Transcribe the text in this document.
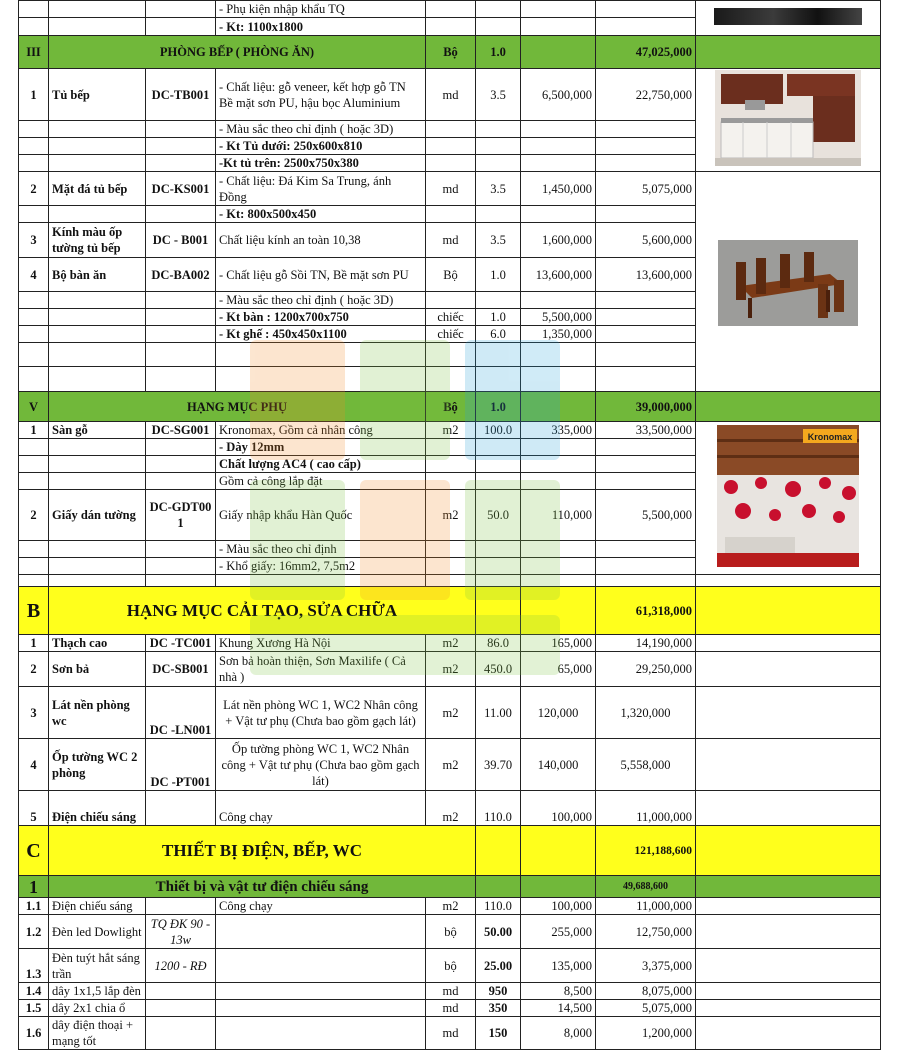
			- Phụ kiện nhập khẩu TQ					
			- Kt: 1100x1800					
III	PHÒNG BẾP ( PHÒNG ĂN)			Bộ	1.0		47,025,000	
1	Tủ bếp	DC-TB001	- Chất liệu: gỗ veneer, kết hợp gỗ TN Bề mặt sơn PU, hậu bọc Aluminium	md	3.5	6,500,000	22,750,000	
			- Màu sắc theo chỉ định ( hoặc 3D)					
			- Kt Tủ dưới: 250x600x810					
			-Kt tủ trên: 2500x750x380					
2	Mặt đá tủ bếp	DC-KS001	- Chất liệu: Đá Kim Sa Trung, ánh Đồng	md	3.5	1,450,000	5,075,000	
			- Kt: 800x500x450					
3	Kính màu ốp tường tủ bếp	DC - B001	Chất liệu kính an toàn 10,38	md	3.5	1,600,000	5,600,000	
4	Bộ bàn ăn	DC-BA002	- Chất liệu gỗ Sồi TN, Bề mặt sơn PU	Bộ	1.0	13,600,000	13,600,000	
			- Màu sắc theo chỉ định ( hoặc 3D)					
			- Kt bàn : 1200x700x750	chiếc	1.0	5,500,000		
			- Kt ghế : 450x450x1100	chiếc	6.0	1,350,000		

V	HẠNG MỤC PHỤ			Bộ	1.0		39,000,000	
1	Sàn gỗ	DC-SG001	Kronomax, Gồm cả nhân công	m2	100.0	335,000	33,500,000	Kronomax

			- Dày 12mm					
			Chất lượng AC4 ( cao cấp)					
			Gồm cả công lắp đặt					
2	Giấy dán tường	DC-GDT001	Giấy nhập khẩu Hàn Quốc	m2	50.0	110,000	5,500,000	
			- Màu sắc theo chỉ định					
			- Khổ giấy: 16mm2, 7,5m2					

B	HẠNG MỤC CẢI TẠO, SỬA CHỮA						61,318,000	
1	Thạch cao	DC -TC001	Khung Xương Hà Nội	m2	86.0	165,000	14,190,000	
2	Sơn bả	DC-SB001	Sơn bả hoàn thiện, Sơn Maxilife ( Cả nhà )	m2	450.0	65,000	29,250,000	
3	Lát nền phòng wc	DC -LN001	Lát nền phòng WC 1, WC2 Nhân công + Vật tư phụ (Chưa bao gồm gạch lát)	m2	11.00	120,000	1,320,000	
4	Ốp tường WC 2 phòng	DC -PT001	Ốp tường phòng WC 1, WC2 Nhân công + Vật tư phụ (Chưa bao gồm gạch lát)	m2	39.70	140,000	5,558,000	
5	Điện chiếu sáng		Công chạy	m2	110.0	100,000	11,000,000	
C	THIẾT BỊ ĐIỆN, BẾP, WC						121,188,600	
1	Thiết bị và vật tư điện chiếu sáng						49,688,600	
1.1	Điện chiếu sáng		Công chạy	m2	110.0	100,000	11,000,000	
1.2	Đèn led Dowlight	TQ ĐK 90 - 13w		bộ	50.00	255,000	12,750,000	
1.3	Đèn tuýt hắt sáng trần	1200 - RĐ		bộ	25.00	135,000	3,375,000	
1.4	dây 1x1,5 lắp đèn			md	950	8,500	8,075,000	
1.5	dây 2x1 chia ổ			md	350	14,500	5,075,000	
1.6	dây điện thoại + mạng tốt			md	150	8,000	1,200,000	
